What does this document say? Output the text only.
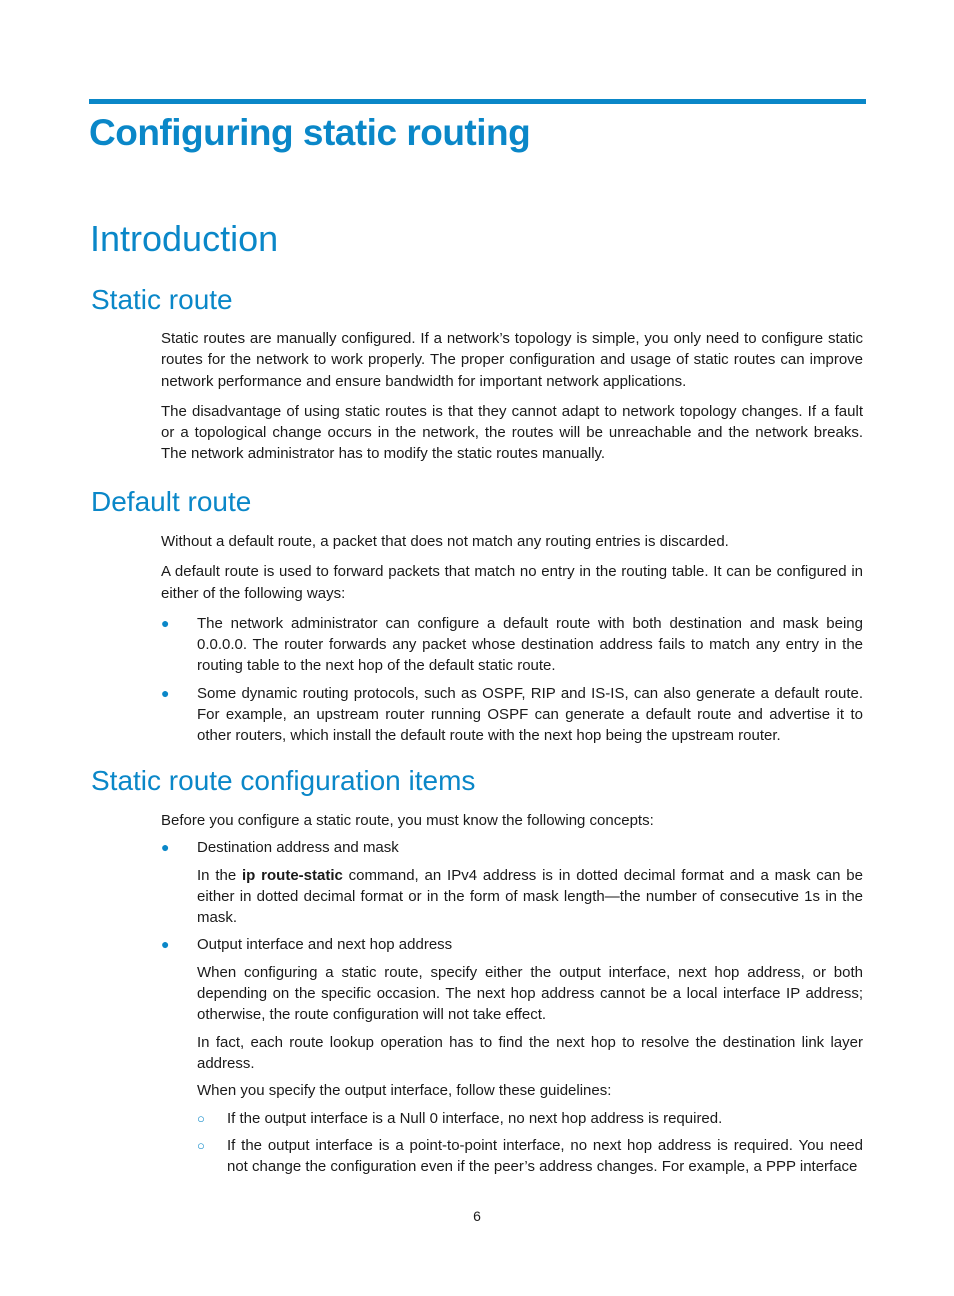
Configuring static routing
Introduction
Static route

Static routes are manually configured. If a network’s topology is simple, you only need to configure static routes for the network to work properly. The proper configuration and usage of static routes can improve network performance and ensure bandwidth for important network applications.

The disadvantage of using static routes is that they cannot adapt to network topology changes. If a fault or a topological change occurs in the network, the routes will be unreachable and the network breaks. The network administrator has to modify the static routes manually.

Default route

Without a default route, a packet that does not match any routing entries is discarded.

A default route is used to forward packets that match no entry in the routing table. It can be configured in either of the following ways:

●	The network administrator can configure a default route with both destination and mask being 0.0.0.0. The router forwards any packet whose destination address fails to match any entry in the routing table to the next hop of the default static route.
●	Some dynamic routing protocols, such as OSPF, RIP and IS-IS, can also generate a default route. For example, an upstream router running OSPF can generate a default route and advertise it to other routers, which install the default route with the next hop being the upstream router.
Static route configuration items

Before you configure a static route, you must know the following concepts:

●	Destination address and mask

In the ip route-static command, an IPv4 address is in dotted decimal format and a mask can be either in dotted decimal format or in the form of mask length—the number of consecutive 1s in the mask.

●	Output interface and next hop address

When configuring a static route, specify either the output interface, next hop address, or both depending on the specific occasion. The next hop address cannot be a local interface IP address; otherwise, the route configuration will not take effect.

In fact, each route lookup operation has to find the next hop to resolve the destination link layer address.

When you specify the output interface, follow these guidelines:

○ If the output interface is a Null 0 interface, no next hop address is required.
○ If the output interface is a point-to-point interface, no next hop address is required. You need not change the configuration even if the peer’s address changes. For example, a PPP interface
6
